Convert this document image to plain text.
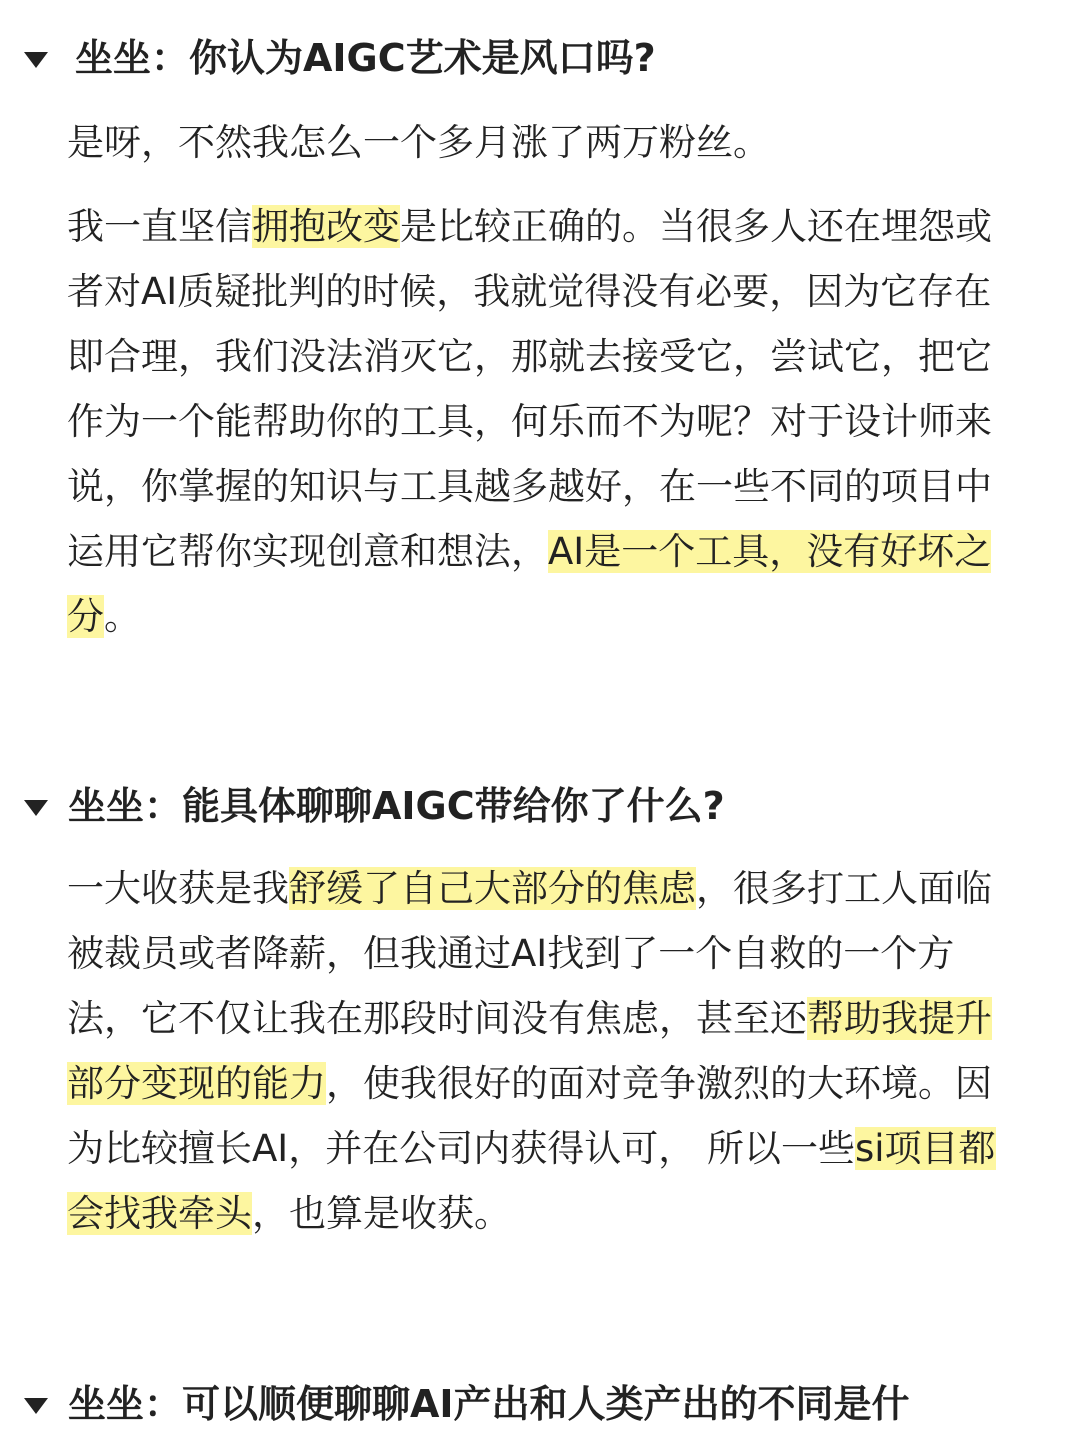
坐坐：你认为AIGC艺术是风口吗?

是呀，不然我怎么一个多月涨了两万粉丝。

我一直坚信拥抱改变是比较正确的。当很多人还在埋怨或者对AI质疑批判的时候，我就觉得没有必要，因为它存在即合理，我们没法消灭它，那就去接受它，尝试它，把它作为一个能帮助你的工具，何乐而不为呢？对于设计师来说，你掌握的知识与工具越多越好，在一些不同的项目中运用它帮你实现创意和想法，AI是一个工具，没有好坏之分。

坐坐：能具体聊聊AIGC带给你了什么?

一大收获是我舒缓了自己大部分的焦虑，很多打工人面临被裁员或者降薪，但我通过AI找到了一个自救的一个方法，它不仅让我在那段时间没有焦虑，甚至还帮助我提升部分变现的能力，使我很好的面对竞争激烈的大环境。因为比较擅长AI，并在公司内获得认可， 所以一些si项目都会找我牵头，也算是收获。

坐坐：可以顺便聊聊AI产出和人类产出的不同是什
